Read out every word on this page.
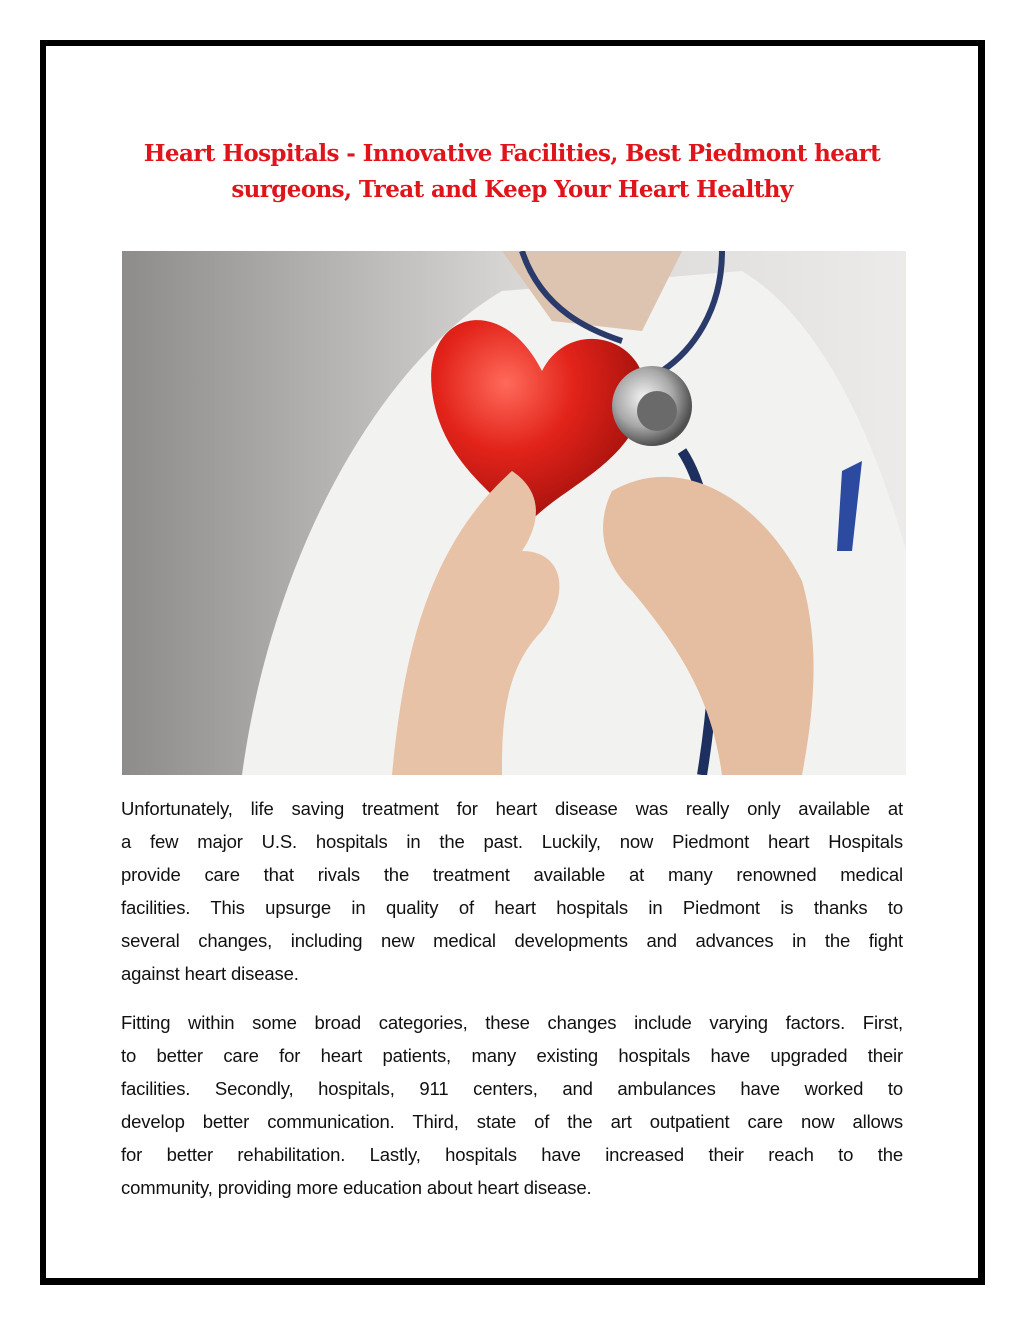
Heart Hospitals - Innovative Facilities, Best Piedmont heart
surgeons, Treat and Keep Your Heart Healthy
Unfortunately, life saving treatment for heart disease was really only available at
a few major U.S. hospitals in the past. Luckily, now Piedmont heart Hospitals
provide care that rivals the treatment available at many renowned medical
facilities. This upsurge in quality of heart hospitals in Piedmont is thanks to
several changes, including new medical developments and advances in the fight
against heart disease.
Fitting within some broad categories, these changes include varying factors. First,
to better care for heart patients, many existing hospitals have upgraded their
facilities. Secondly, hospitals, 911 centers, and ambulances have worked to
develop better communication. Third, state of the art outpatient care now allows
for better rehabilitation. Lastly, hospitals have increased their reach to the
community, providing more education about heart disease.
